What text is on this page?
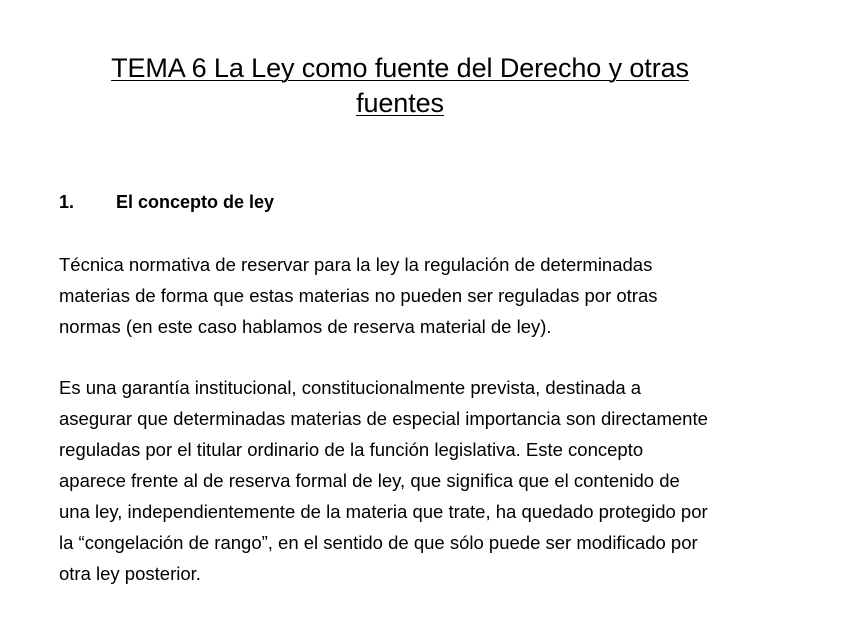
TEMA 6 La Ley como fuente del Derecho y otras
fuentes
1. El concepto de ley
Técnica normativa de reservar para la ley la regulación de determinadas
materias de forma que estas materias no pueden ser reguladas por otras
normas (en este caso hablamos de reserva material de ley).
Es una garantía institucional, constitucionalmente prevista, destinada a
asegurar que determinadas materias de especial importancia son directamente
reguladas por el titular ordinario de la función legislativa. Este concepto
aparece frente al de reserva formal de ley, que significa que el contenido de
una ley, independientemente de la materia que trate, ha quedado protegido por
la “congelación de rango”, en el sentido de que sólo puede ser modificado por
otra ley posterior.
